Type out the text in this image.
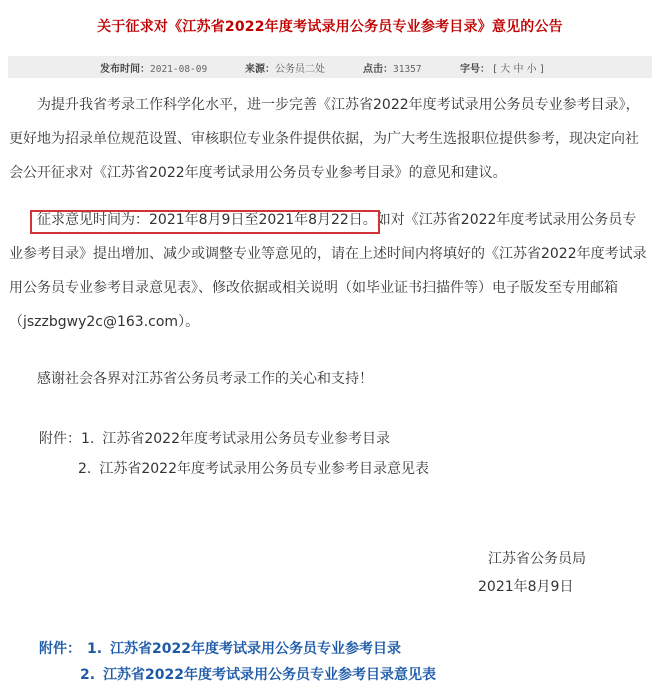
关于征求对《江苏省2022年度考试录用公务员专业参考目录》意见的公告
发布时间：2021-08-09	来源：公务员二处	点击：31357	字号： [ 大 中 小 ]

为提升我省考录工作科学化水平，进一步完善《江苏省2022年度考试录用公务员专业参考目录》，更好地为招录单位规范设置、审核职位专业条件提供依据，为广大考生选报职位提供参考，现决定向社会公开征求对《江苏省2022年度考试录用公务员专业参考目录》的意见和建议。

征求意见时间为：2021年8月9日至2021年8月22日。如对《江苏省2022年度考试录用公务员专业参考目录》提出增加、减少或调整专业等意见的，请在上述时间内将填好的《江苏省2022年度考试录用公务员专业参考目录意见表》、修改依据或相关说明（如毕业证书扫描件等）电子版发至专用邮箱（jszzbgwy2c@163.com）。

感谢社会各界对江苏省公务员考录工作的关心和支持！

附件：1. 江苏省2022年度考试录用公务员专业参考目录
2. 江苏省2022年度考试录用公务员专业参考目录意见表
江苏省公务员局
2021年8月9日
附件： 1. 江苏省2022年度考试录用公务员专业参考目录
2. 江苏省2022年度考试录用公务员专业参考目录意见表
